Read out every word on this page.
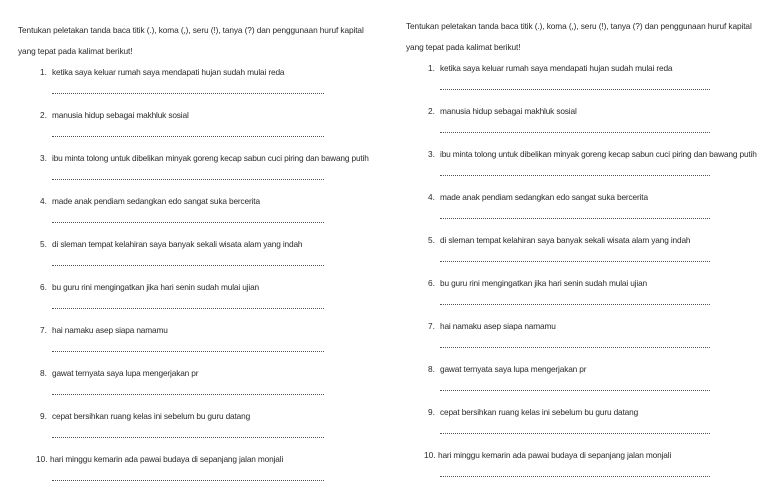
Tentukan peletakan tanda baca titik (.), koma (,), seru (!), tanya (?) dan penggunaan huruf kapital yang tepat pada kalimat berikut!
1. ketika saya keluar rumah saya mendapati hujan sudah mulai reda
2. manusia hidup sebagai makhluk sosial
3. ibu minta tolong untuk dibelikan minyak goreng kecap sabun cuci piring dan bawang putih
4. made anak pendiam sedangkan edo sangat suka bercerita
5. di sleman tempat kelahiran saya banyak sekali wisata alam yang indah
6. bu guru rini mengingatkan jika hari senin sudah mulai ujian
7. hai namaku asep siapa namamu
8. gawat ternyata saya lupa mengerjakan pr
9. cepat bersihkan ruang kelas ini sebelum bu guru datang
10. hari minggu kemarin ada pawai budaya di sepanjang jalan monjali
Tentukan peletakan tanda baca titik (.), koma (,), seru (!), tanya (?) dan penggunaan huruf kapital yang tepat pada kalimat berikut!
1. ketika saya keluar rumah saya mendapati hujan sudah mulai reda
2. manusia hidup sebagai makhluk sosial
3. ibu minta tolong untuk dibelikan minyak goreng kecap sabun cuci piring dan bawang putih
4. made anak pendiam sedangkan edo sangat suka bercerita
5. di sleman tempat kelahiran saya banyak sekali wisata alam yang indah
6. bu guru rini mengingatkan jika hari senin sudah mulai ujian
7. hai namaku asep siapa namamu
8. gawat ternyata saya lupa mengerjakan pr
9. cepat bersihkan ruang kelas ini sebelum bu guru datang
10. hari minggu kemarin ada pawai budaya di sepanjang jalan monjali
